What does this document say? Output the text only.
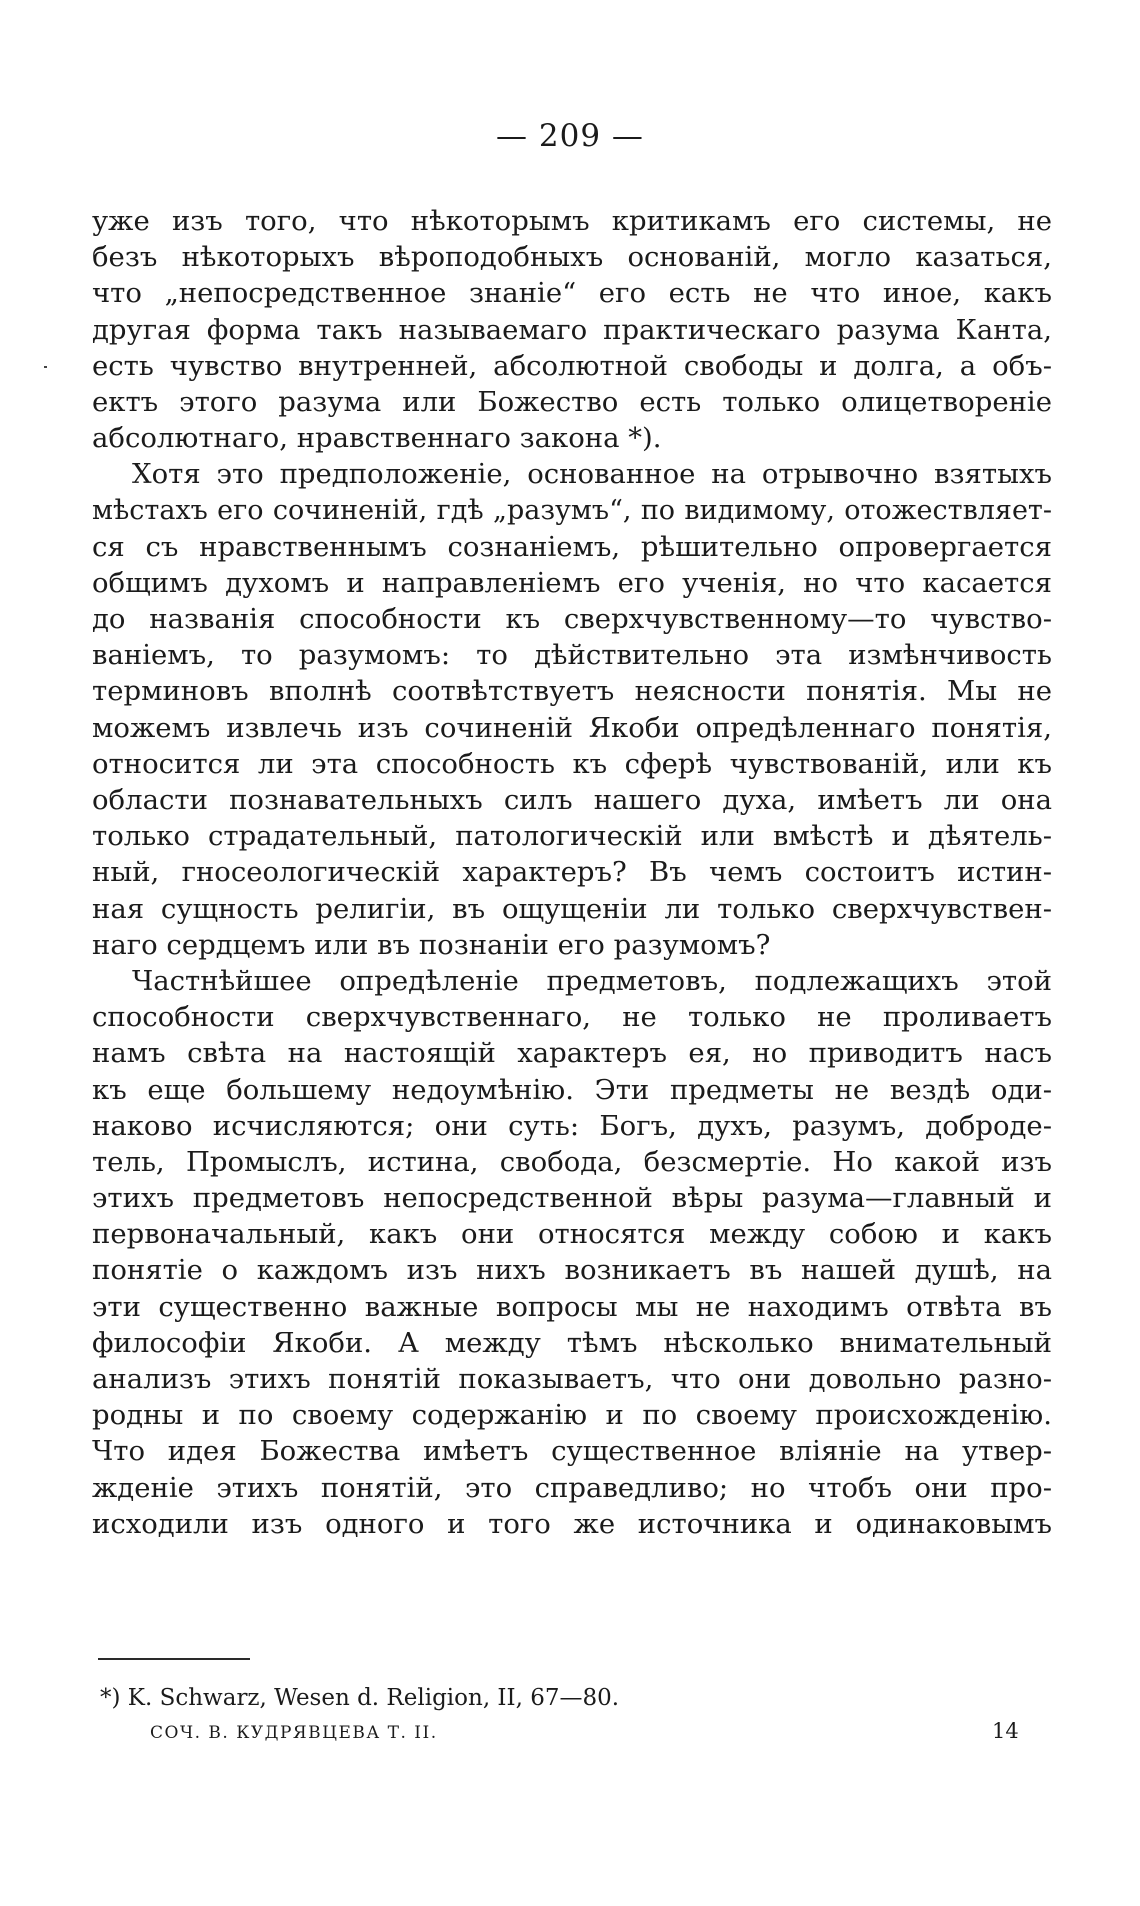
— 209 —
уже изъ того, что нѣкоторымъ критикамъ его системы, не
безъ нѣкоторыхъ вѣроподобныхъ основаній, могло казаться,
что „непосредственное знаніе“ его есть не что иное, какъ
другая форма такъ называемаго практическаго разума Канта,
есть чувство внутренней, абсолютной свободы и долга, а объ-
ектъ этого разума или Божество есть только олицетвореніе
абсолютнаго, нравственнаго закона *).
Хотя это предположеніе, основанное на отрывочно взятыхъ
мѣстахъ его сочиненій, гдѣ „разумъ“, по видимому, отожествляет-
ся съ нравственнымъ сознаніемъ, рѣшительно опровергается
общимъ духомъ и направленіемъ его ученія, но что касается
до названія способности къ сверхчувственному—то чувство-
ваніемъ, то разумомъ: то дѣйствительно эта измѣнчивость
терминовъ вполнѣ соотвѣтствуетъ неясности понятія. Мы не
можемъ извлечь изъ сочиненій Якоби опредѣленнаго понятія,
относится ли эта способность къ сферѣ чувствованій, или къ
области познавательныхъ силъ нашего духа, имѣетъ ли она
только страдательный, патологическій или вмѣстѣ и дѣятель-
ный, гносеологическій характеръ? Въ чемъ состоитъ истин-
ная сущность религіи, въ ощущеніи ли только сверхчувствен-
наго сердцемъ или въ познаніи его разумомъ?
Частнѣйшее опредѣленіе предметовъ, подлежащихъ этой
способности сверхчувственнаго, не только не проливаетъ
намъ свѣта на настоящій характеръ ея, но приводитъ насъ
къ еще большему недоумѣнію. Эти предметы не вездѣ оди-
наково исчисляются; они суть: Богъ, духъ, разумъ, доброде-
тель, Промыслъ, истина, свобода, безсмертіе. Но какой изъ
этихъ предметовъ непосредственной вѣры разума—главный и
первоначальный, какъ они относятся между собою и какъ
понятіе о каждомъ изъ нихъ возникаетъ въ нашей душѣ, на
эти существенно важные вопросы мы не находимъ отвѣта въ
философіи Якоби. А между тѣмъ нѣсколько внимательный
анализъ этихъ понятій показываетъ, что они довольно разно-
родны и по своему содержанію и по своему происхожденію.
Что идея Божества имѣетъ существенное вліяніе на утвер-
жденіе этихъ понятій, это справедливо; но чтобъ они про-
исходили изъ одного и того же источника и одинаковымъ
*) K. Schwarz, Wesen d. Religion, II, 67—80.
СОЧ. В. КУДРЯВЦЕВА Т. II.	14
